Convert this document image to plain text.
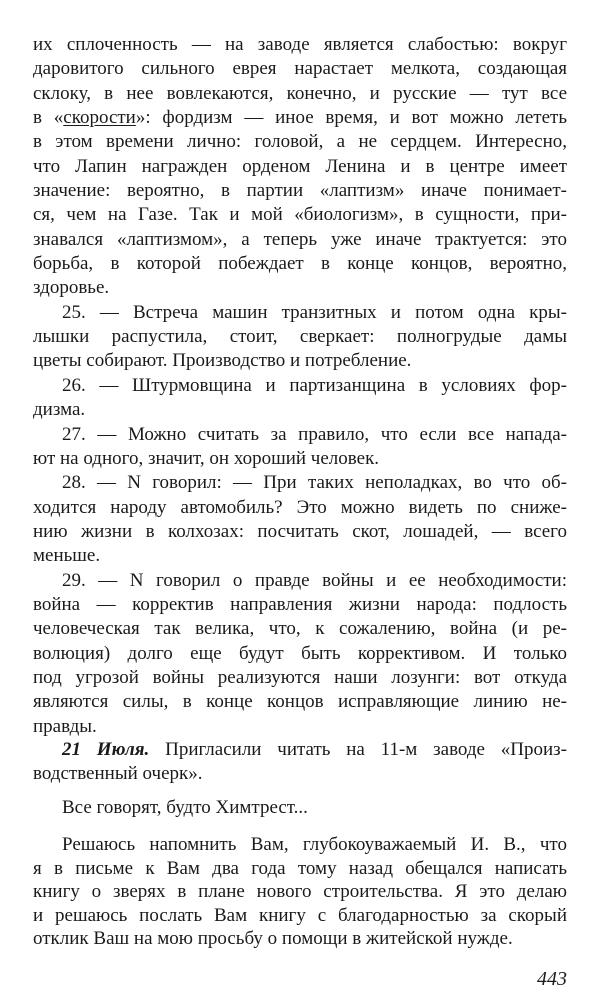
их сплоченность — на заводе является слабостью: вокруг
даровитого сильного еврея нарастает мелкота, создающая
склоку, в нее вовлекаются, конечно, и русские — тут все
в «скорости»: фордизм — иное время, и вот можно лететь
в этом времени лично: головой, а не сердцем. Интересно,
что Лапин награжден орденом Ленина и в центре имеет
значение: вероятно, в партии «лаптизм» иначе понимает-
ся, чем на Газе. Так и мой «биологизм», в сущности, при-
знавался «лаптизмом», а теперь уже иначе трактуется: это
борьба, в которой побеждает в конце концов, вероятно,
здоровье.
25. — Встреча машин транзитных и потом одна кры-
лышки распустила, стоит, сверкает: полногрудые дамы
цветы собирают. Производство и потребление.
26. — Штурмовщина и партизанщина в условиях фор-
дизма.
27. — Можно считать за правило, что если все напада-
ют на одного, значит, он хороший человек.
28. — N говорил: — При таких неполадках, во что об-
ходится народу автомобиль? Это можно видеть по сниже-
нию жизни в колхозах: посчитать скот, лошадей, — всего
меньше.
29. — N говорил о правде войны и ее необходимости:
война — корректив направления жизни народа: подлость
человеческая так велика, что, к сожалению, война (и ре-
волюция) долго еще будут быть коррективом. И только
под угрозой войны реализуются наши лозунги: вот откуда
являются силы, в конце концов исправляющие линию не-
правды.
21 Июля. Пригласили читать на 11-м заводе «Произ-
водственный очерк».
Все говорят, будто Химтрест...
Решаюсь напомнить Вам, глубокоуважаемый И. В., что
я в письме к Вам два года тому назад обещался написать
книгу о зверях в плане нового строительства. Я это делаю
и решаюсь послать Вам книгу с благодарностью за скорый
отклик Ваш на мою просьбу о помощи в житейской нужде.
443
